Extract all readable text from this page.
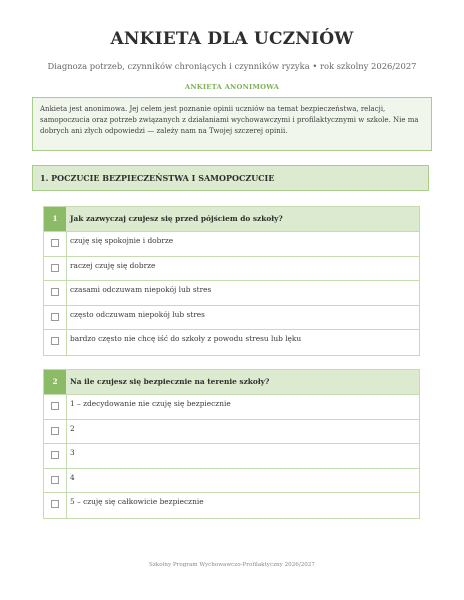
ANKIETA DLA UCZNIÓW
Diagnoza potrzeb, czynników chroniących i czynników ryzyka • rok szkolny 2026/2027
ANKIETA ANONIMOWA
Ankieta jest anonimowa. Jej celem jest poznanie opinii uczniów na temat bezpieczeństwa, relacji, samopoczucia oraz potrzeb związanych z działaniami wychowawczymi i profilaktycznymi w szkole. Nie ma dobrych ani złych odpowiedzi — zależy nam na Twojej szczerej opinii.
1. POCZUCIE BEZPIECZEŃSTWA I SAMOPOCZUCIE
1	Jak zazwyczaj czujesz się przed pójściem do szkoły?
czuję się spokojnie i dobrze
raczej czuję się dobrze
czasami odczuwam niepokój lub stres
często odczuwam niepokój lub stres
bardzo często nie chcę iść do szkoły z powodu stresu lub lęku
2	Na ile czujesz się bezpiecznie na terenie szkoły?
1 – zdecydowanie nie czuję się bezpiecznie
2
3
4
5 – czuję się całkowicie bezpiecznie
Szkolny Program Wychowawczo-Profilaktyczny 2026/2027
